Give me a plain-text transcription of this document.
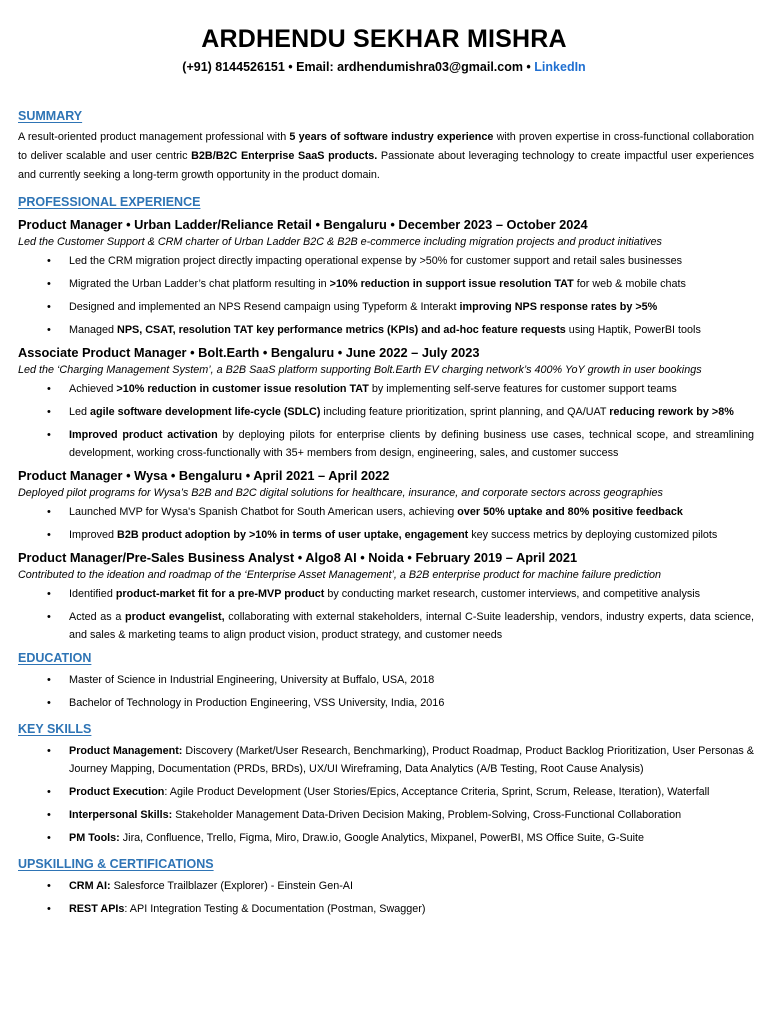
ARDHENDU SEKHAR MISHRA
(+91) 8144526151 • Email: ardhendumishra03@gmail.com • LinkedIn
SUMMARY

A result-oriented product management professional with 5 years of software industry experience with proven expertise in cross-functional collaboration to deliver scalable and user centric B2B/B2C Enterprise SaaS products. Passionate about leveraging technology to create impactful user experiences and currently seeking a long-term growth opportunity in the product domain.

PROFESSIONAL EXPERIENCE
Product Manager • Urban Ladder/Reliance Retail • Bengaluru • December 2023 – October 2024

Led the Customer Support & CRM charter of Urban Ladder B2C & B2B e-commerce including migration projects and product initiatives

• Led the CRM migration project directly impacting operational expense by >50% for customer support and retail sales businesses
• Migrated the Urban Ladder’s chat platform resulting in >10% reduction in support issue resolution TAT for web & mobile chats
• Designed and implemented an NPS Resend campaign using Typeform & Interakt improving NPS response rates by >5%
• Managed NPS, CSAT, resolution TAT key performance metrics (KPIs) and ad-hoc feature requests using Haptik, PowerBI tools
Associate Product Manager • Bolt.Earth • Bengaluru • June 2022 – July 2023

Led the ‘Charging Management System’, a B2B SaaS platform supporting Bolt.Earth EV charging network’s 400% YoY growth in user bookings

• Achieved >10% reduction in customer issue resolution TAT by implementing self-serve features for customer support teams
• Led agile software development life-cycle (SDLC) including feature prioritization, sprint planning, and QA/UAT reducing rework by >8%
• Improved product activation by deploying pilots for enterprise clients by defining business use cases, technical scope, and streamlining development, working cross-functionally with 35+ members from design, engineering, sales, and customer success
Product Manager • Wysa • Bengaluru • April 2021 – April 2022

Deployed pilot programs for Wysa’s B2B and B2C digital solutions for healthcare, insurance, and corporate sectors across geographies

• Launched MVP for Wysa's Spanish Chatbot for South American users, achieving over 50% uptake and 80% positive feedback
• Improved B2B product adoption by >10% in terms of user uptake, engagement key success metrics by deploying customized pilots
Product Manager/Pre-Sales Business Analyst • Algo8 AI • Noida • February 2019 – April 2021

Contributed to the ideation and roadmap of the ‘Enterprise Asset Management’, a B2B enterprise product for machine failure prediction

• Identified product-market fit for a pre-MVP product by conducting market research, customer interviews, and competitive analysis
• Acted as a product evangelist, collaborating with external stakeholders, internal C-Suite leadership, vendors, industry experts, data science, and sales & marketing teams to align product vision, product strategy, and customer needs
EDUCATION
• Master of Science in Industrial Engineering, University at Buffalo, USA, 2018
• Bachelor of Technology in Production Engineering, VSS University, India, 2016
KEY SKILLS
• Product Management: Discovery (Market/User Research, Benchmarking), Product Roadmap, Product Backlog Prioritization, User Personas & Journey Mapping, Documentation (PRDs, BRDs), UX/UI Wireframing, Data Analytics (A/B Testing, Root Cause Analysis)
• Product Execution: Agile Product Development (User Stories/Epics, Acceptance Criteria, Sprint, Scrum, Release, Iteration), Waterfall
• Interpersonal Skills: Stakeholder Management Data-Driven Decision Making, Problem-Solving, Cross-Functional Collaboration
• PM Tools: Jira, Confluence, Trello, Figma, Miro, Draw.io, Google Analytics, Mixpanel, PowerBI, MS Office Suite, G-Suite
UPSKILLING & CERTIFICATIONS
• CRM AI: Salesforce Trailblazer (Explorer) - Einstein Gen-AI
• REST APIs: API Integration Testing & Documentation (Postman, Swagger)
